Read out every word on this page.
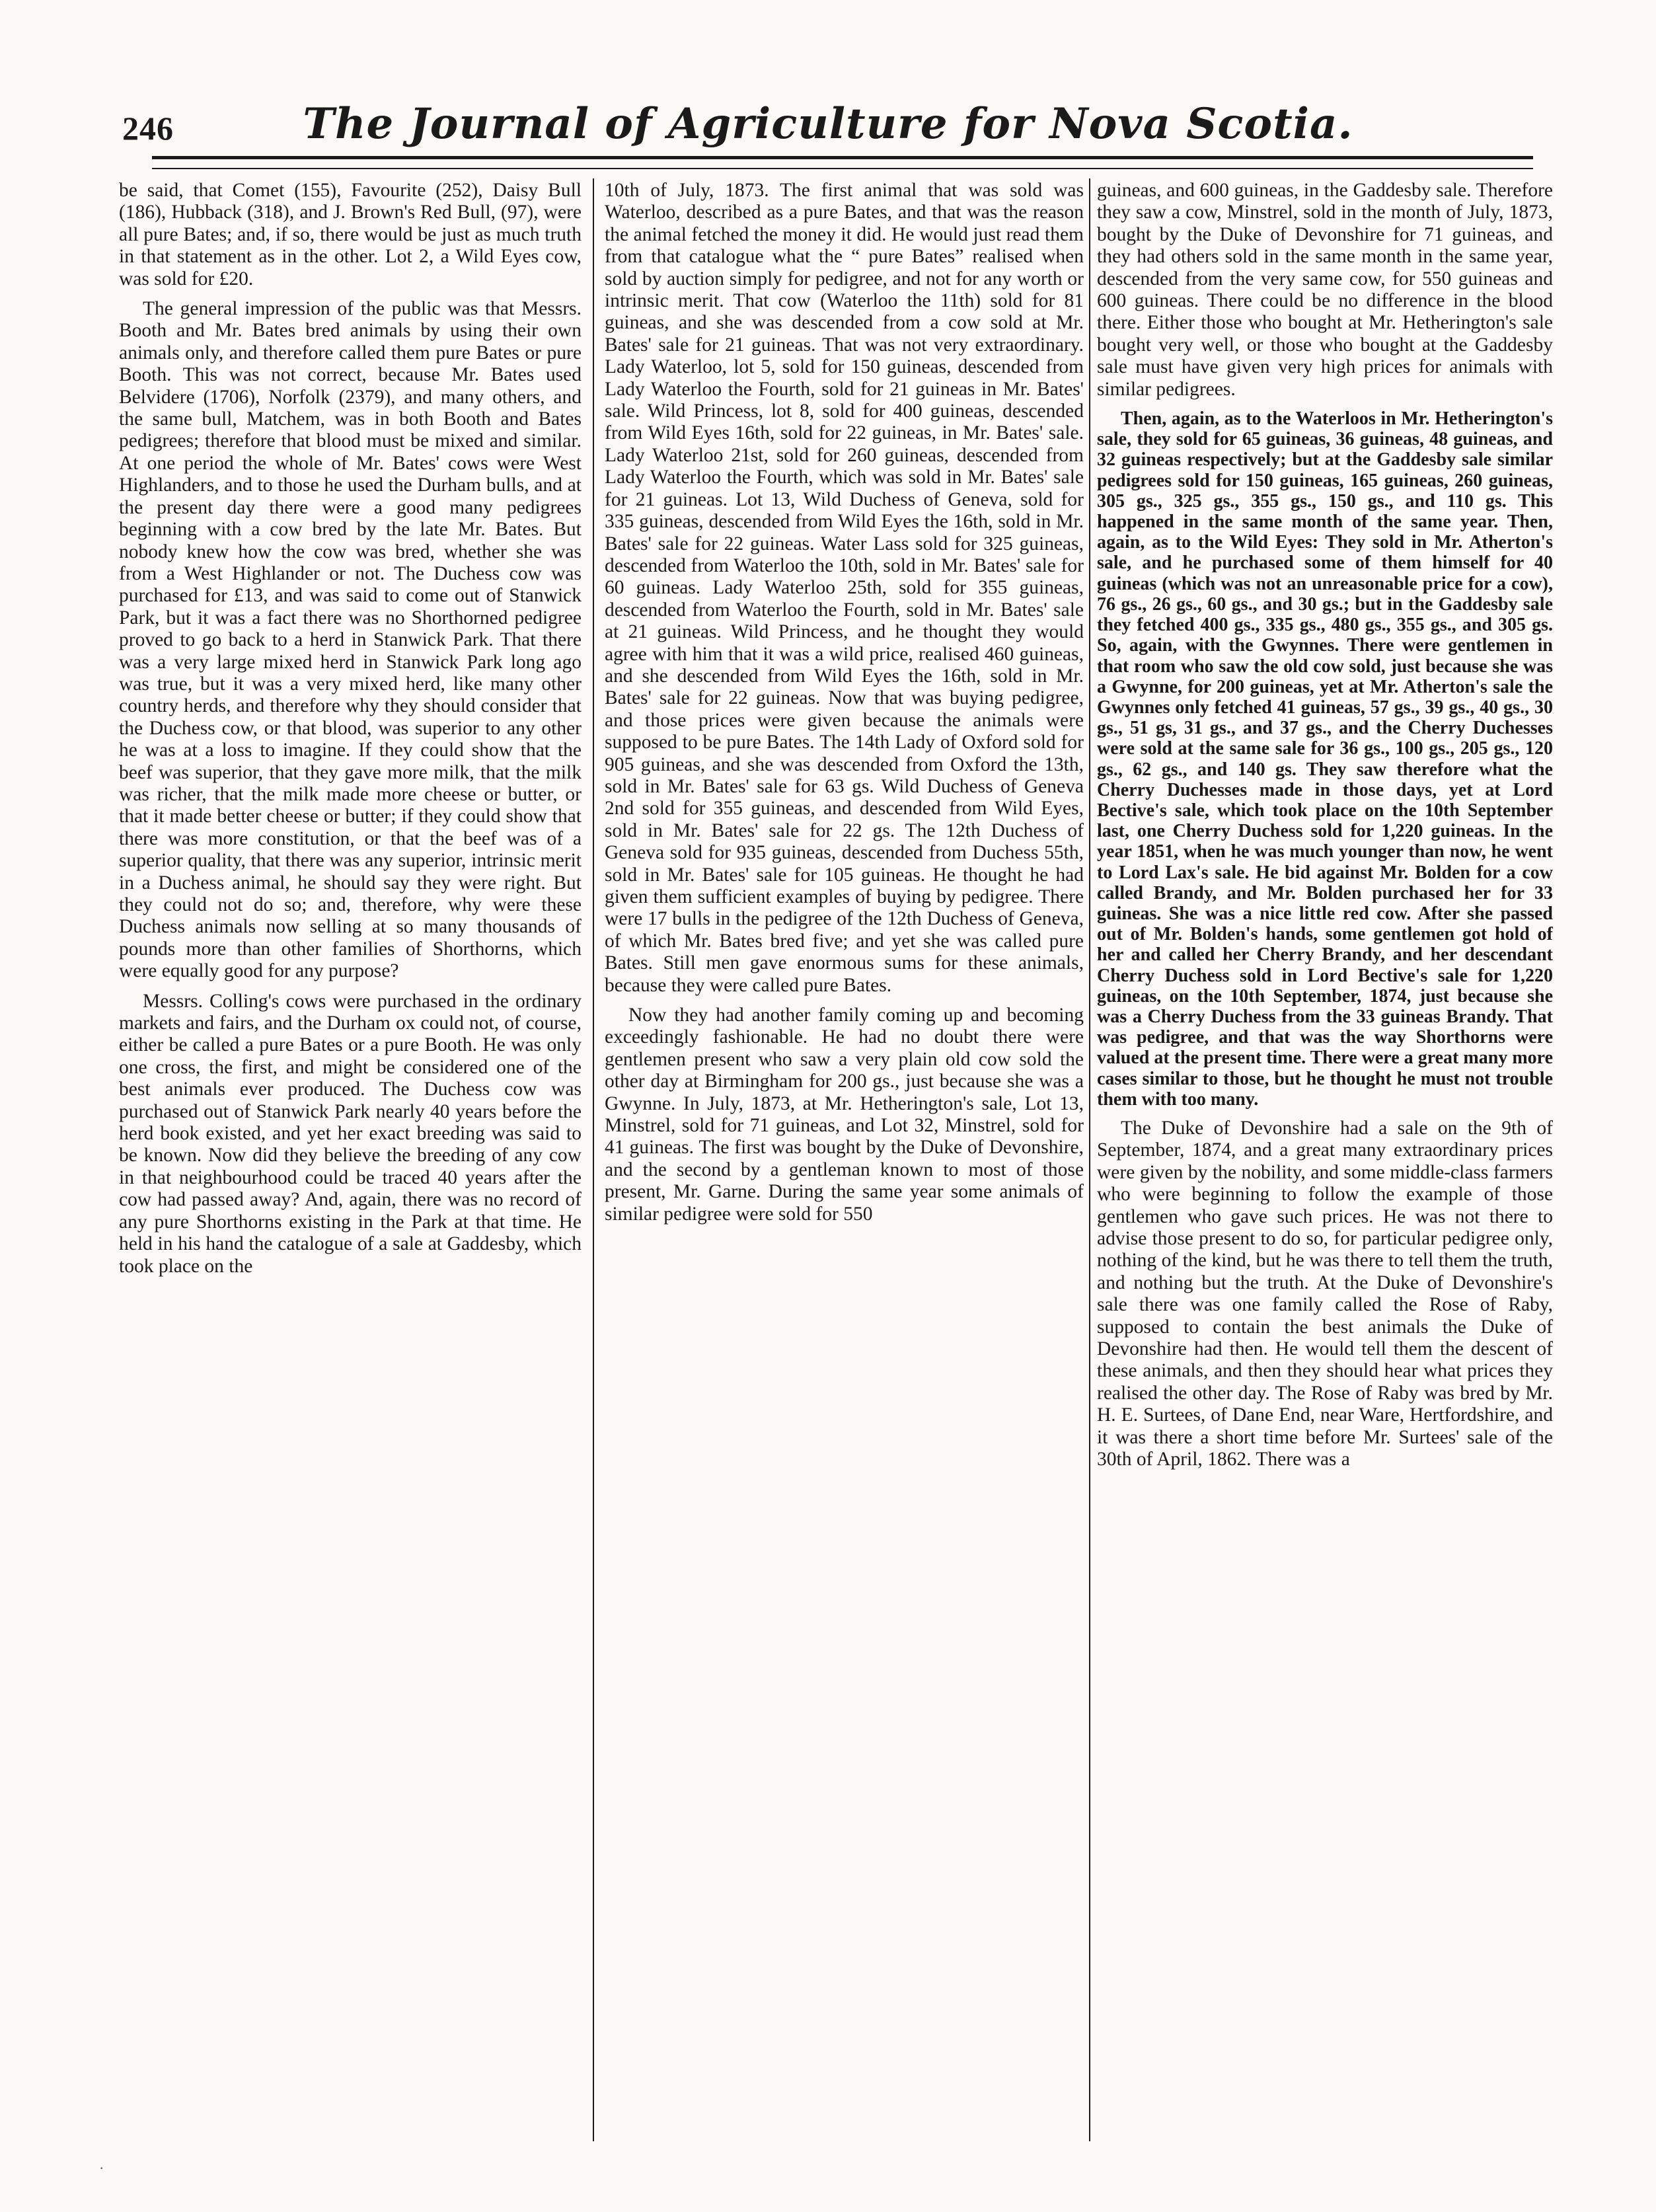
246	The Journal of Agriculture for Nova Scotia.

be said, that Comet (155), Favourite (252), Daisy Bull (186), Hubback (318), and J. Brown's Red Bull, (97), were all pure Bates; and, if so, there would be just as much truth in that statement as in the other. Lot 2, a Wild Eyes cow, was sold for £20.

The general impression of the public was that Messrs. Booth and Mr. Bates bred animals by using their own animals only, and therefore called them pure Bates or pure Booth. This was not correct, because Mr. Bates used Belvidere (1706), Norfolk (2379), and many others, and the same bull, Matchem, was in both Booth and Bates pedigrees; therefore that blood must be mixed and similar. At one period the whole of Mr. Bates' cows were West Highlanders, and to those he used the Durham bulls, and at the present day there were a good many pedigrees beginning with a cow bred by the late Mr. Bates. But nobody knew how the cow was bred, whether she was from a West Highlander or not. The Duchess cow was purchased for £13, and was said to come out of Stanwick Park, but it was a fact there was no Shorthorned pedigree proved to go back to a herd in Stanwick Park. That there was a very large mixed herd in Stanwick Park long ago was true, but it was a very mixed herd, like many other country herds, and therefore why they should consider that the Duchess cow, or that blood, was superior to any other he was at a loss to imagine. If they could show that the beef was superior, that they gave more milk, that the milk was richer, that the milk made more cheese or butter, or that it made better cheese or butter; if they could show that there was more constitution, or that the beef was of a superior quality, that there was any superior, intrinsic merit in a Duchess animal, he should say they were right. But they could not do so; and, therefore, why were these Duchess animals now selling at so many thousands of pounds more than other families of Shorthorns, which were equally good for any purpose?

Messrs. Colling's cows were purchased in the ordinary markets and fairs, and the Durham ox could not, of course, either be called a pure Bates or a pure Booth. He was only one cross, the first, and might be considered one of the best animals ever produced. The Duchess cow was purchased out of Stanwick Park nearly 40 years before the herd book existed, and yet her exact breeding was said to be known. Now did they believe the breeding of any cow in that neighbourhood could be traced 40 years after the cow had passed away? And, again, there was no record of any pure Shorthorns existing in the Park at that time. He held in his hand the catalogue of a sale at Gaddesby, which took place on the

10th of July, 1873. The first animal that was sold was Waterloo, described as a pure Bates, and that was the reason the animal fetched the money it did. He would just read them from that catalogue what the “ pure Bates” realised when sold by auction simply for pedigree, and not for any worth or intrinsic merit. That cow (Waterloo the 11th) sold for 81 guineas, and she was descended from a cow sold at Mr. Bates' sale for 21 guineas. That was not very extraordinary. Lady Waterloo, lot 5, sold for 150 guineas, descended from Lady Waterloo the Fourth, sold for 21 guineas in Mr. Bates' sale. Wild Princess, lot 8, sold for 400 guineas, descended from Wild Eyes 16th, sold for 22 guineas, in Mr. Bates' sale. Lady Waterloo 21st, sold for 260 guineas, descended from Lady Waterloo the Fourth, which was sold in Mr. Bates' sale for 21 guineas. Lot 13, Wild Duchess of Geneva, sold for 335 guineas, descended from Wild Eyes the 16th, sold in Mr. Bates' sale for 22 guineas. Water Lass sold for 325 guineas, descended from Waterloo the 10th, sold in Mr. Bates' sale for 60 guineas. Lady Waterloo 25th, sold for 355 guineas, descended from Waterloo the Fourth, sold in Mr. Bates' sale at 21 guineas. Wild Princess, and he thought they would agree with him that it was a wild price, realised 460 guineas, and she descended from Wild Eyes the 16th, sold in Mr. Bates' sale for 22 guineas. Now that was buying pedigree, and those prices were given because the animals were supposed to be pure Bates. The 14th Lady of Oxford sold for 905 guineas, and she was descended from Oxford the 13th, sold in Mr. Bates' sale for 63 gs. Wild Duchess of Geneva 2nd sold for 355 guineas, and descended from Wild Eyes, sold in Mr. Bates' sale for 22 gs. The 12th Duchess of Geneva sold for 935 guineas, descended from Duchess 55th, sold in Mr. Bates' sale for 105 guineas. He thought he had given them sufficient examples of buying by pedigree. There were 17 bulls in the pedigree of the 12th Duchess of Geneva, of which Mr. Bates bred five; and yet she was called pure Bates. Still men gave enormous sums for these animals, because they were called pure Bates.

Now they had another family coming up and becoming exceedingly fashionable. He had no doubt there were gentlemen present who saw a very plain old cow sold the other day at Birmingham for 200 gs., just because she was a Gwynne. In July, 1873, at Mr. Hetherington's sale, Lot 13, Minstrel, sold for 71 guineas, and Lot 32, Minstrel, sold for 41 guineas. The first was bought by the Duke of Devonshire, and the second by a gentleman known to most of those present, Mr. Garne. During the same year some animals of similar pedigree were sold for 550

guineas, and 600 guineas, in the Gaddesby sale. Therefore they saw a cow, Minstrel, sold in the month of July, 1873, bought by the Duke of Devonshire for 71 guineas, and they had others sold in the same month in the same year, descended from the very same cow, for 550 guineas and 600 guineas. There could be no difference in the blood there. Either those who bought at Mr. Hetherington's sale bought very well, or those who bought at the Gaddesby sale must have given very high prices for animals with similar pedigrees.

Then, again, as to the Waterloos in Mr. Hetherington's sale, they sold for 65 guineas, 36 guineas, 48 guineas, and 32 guineas respectively; but at the Gaddesby sale similar pedigrees sold for 150 guineas, 165 guineas, 260 guineas, 305 gs., 325 gs., 355 gs., 150 gs., and 110 gs. This happened in the same month of the same year. Then, again, as to the Wild Eyes: They sold in Mr. Atherton's sale, and he purchased some of them himself for 40 guineas (which was not an unreasonable price for a cow), 76 gs., 26 gs., 60 gs., and 30 gs.; but in the Gaddesby sale they fetched 400 gs., 335 gs., 480 gs., 355 gs., and 305 gs. So, again, with the Gwynnes. There were gentlemen in that room who saw the old cow sold, just because she was a Gwynne, for 200 guineas, yet at Mr. Atherton's sale the Gwynnes only fetched 41 guineas, 57 gs., 39 gs., 40 gs., 30 gs., 51 gs, 31 gs., and 37 gs., and the Cherry Duchesses were sold at the same sale for 36 gs., 100 gs., 205 gs., 120 gs., 62 gs., and 140 gs. They saw therefore what the Cherry Duchesses made in those days, yet at Lord Bective's sale, which took place on the 10th September last, one Cherry Duchess sold for 1,220 guineas. In the year 1851, when he was much younger than now, he went to Lord Lax's sale. He bid against Mr. Bolden for a cow called Brandy, and Mr. Bolden purchased her for 33 guineas. She was a nice little red cow. After she passed out of Mr. Bolden's hands, some gentlemen got hold of her and called her Cherry Brandy, and her descendant Cherry Duchess sold in Lord Bective's sale for 1,220 guineas, on the 10th September, 1874, just because she was a Cherry Duchess from the 33 guineas Brandy. That was pedigree, and that was the way Shorthorns were valued at the present time. There were a great many more cases similar to those, but he thought he must not trouble them with too many.

The Duke of Devonshire had a sale on the 9th of September, 1874, and a great many extraordinary prices were given by the nobility, and some middle-class farmers who were beginning to follow the example of those gentlemen who gave such prices. He was not there to advise those present to do so, for particular pedigree only, nothing of the kind, but he was there to tell them the truth, and nothing but the truth. At the Duke of Devonshire's sale there was one family called the Rose of Raby, supposed to contain the best animals the Duke of Devonshire had then. He would tell them the descent of these animals, and then they should hear what prices they realised the other day. The Rose of Raby was bred by Mr. H. E. Surtees, of Dane End, near Ware, Hertfordshire, and it was there a short time before Mr. Surtees' sale of the 30th of April, 1862. There was a

·
